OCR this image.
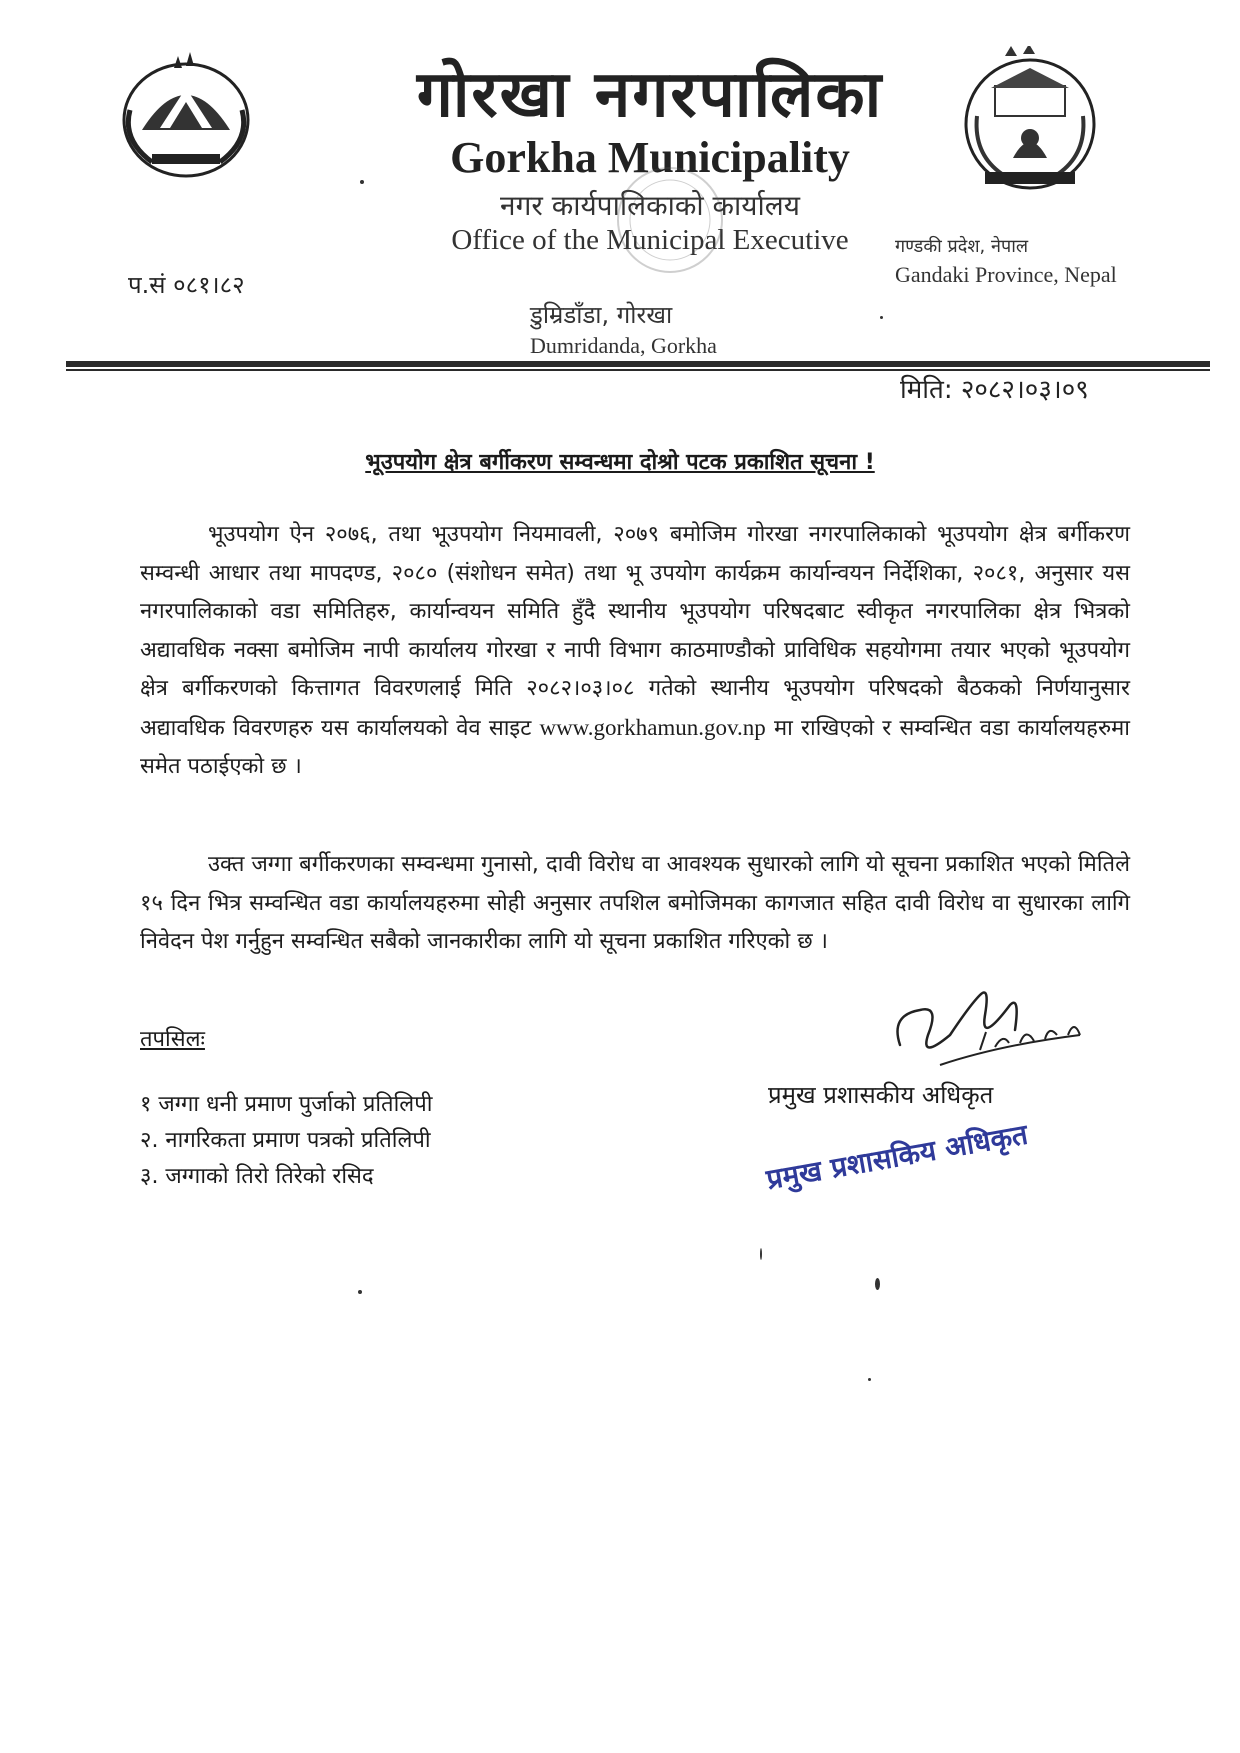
गोरखा नगरपालिका
Gorkha Municipality
नगर कार्यपालिकाको कार्यालय
Office of the Municipal Executive	गण्डकी प्रदेश, नेपाल
Gandaki Province, Nepal
प.सं ०८१।८२
डुम्रिडाँडा, गोरखा
Dumridanda, Gorkha
मिति: २०८२।०३।०९
भूउपयोग क्षेत्र बर्गीकरण सम्वन्धमा दोश्रो पटक प्रकाशित सूचना !
भूउपयोग ऐन २०७६, तथा भूउपयोग नियमावली, २०७९ बमोजिम गोरखा नगरपालिकाको भूउपयोग क्षेत्र बर्गीकरण सम्वन्धी आधार तथा मापदण्ड, २०८० (संशोधन समेत) तथा भू उपयोग कार्यक्रम कार्यान्वयन निर्देशिका, २०८१, अनुसार यस नगरपालिकाको वडा समितिहरु, कार्यान्वयन समिति हुँदै स्थानीय भूउपयोग परिषदबाट स्वीकृत नगरपालिका क्षेत्र भित्रको अद्यावधिक नक्सा बमोजिम नापी कार्यालय गोरखा र नापी विभाग काठमाण्डौको प्राविधिक सहयोगमा तयार भएको भूउपयोग क्षेत्र बर्गीकरणको कित्तागत विवरणलाई मिति २०८२।०३।०८ गतेको स्थानीय भूउपयोग परिषदको बैठकको निर्णयानुसार अद्यावधिक विवरणहरु यस कार्यालयको वेव साइट www.gorkhamun.gov.np मा राखिएको र सम्वन्धित वडा कार्यालयहरुमा समेत पठाईएको छ ।
उक्त जग्गा बर्गीकरणका सम्वन्धमा गुनासो, दावी विरोध वा आवश्यक सुधारको लागि यो सूचना प्रकाशित भएको मितिले १५ दिन भित्र सम्वन्धित वडा कार्यालयहरुमा सोही अनुसार तपशिल बमोजिमका कागजात सहित दावी विरोध वा सुधारका लागि निवेदन पेश गर्नुहुन सम्वन्धित सबैको जानकारीका लागि यो सूचना प्रकाशित गरिएको छ ।
तपसिलः
१ जग्गा धनी प्रमाण पुर्जाको प्रतिलिपी
२. नागरिकता प्रमाण पत्रको प्रतिलिपी
३. जग्गाको तिरो तिरेको रसिद
प्रमुख प्रशासकीय अधिकृत
प्रमुख प्रशासकिय अधिकृत
